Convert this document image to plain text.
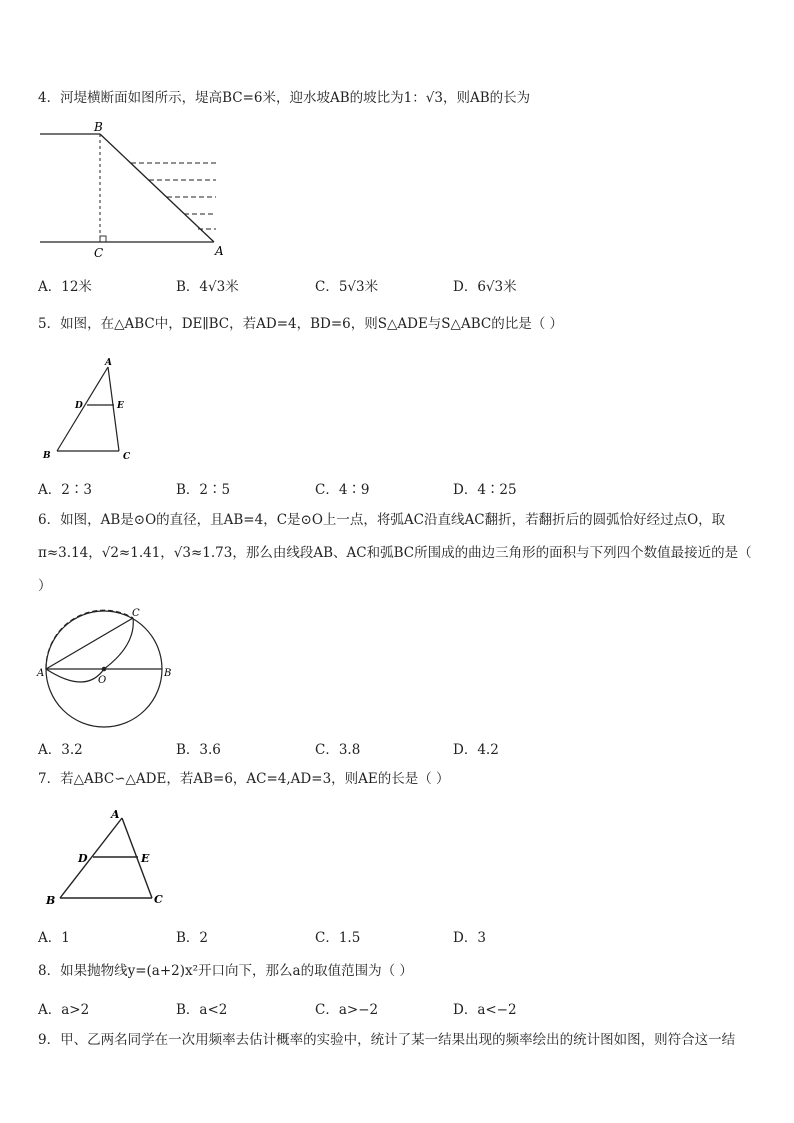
4．河堤横断面如图所示，堤高BC=6米，迎水坡AB的坡比为1：√3，则AB的长为
B
C	A
A．12米	B．4√3米	C．5√3米	D．6√3米
5．如图，在△ABC中，DE∥BC，若AD=4，BD=6，则S△ADE与S△ABC的比是（ ）
A
D	E
B	C
A．2∶3	B．2∶5	C．4∶9	D．4∶25
6．如图，AB是⊙O的直径，且AB=4，C是⊙O上一点，将弧AC沿直线AC翻折，若翻折后的圆弧恰好经过点O，取π≈3.14，√2≈1.41，√3≈1.73，那么由线段AB、AC和弧BC所围成的曲边三角形的面积与下列四个数值最接近的是（ ）
A
O
B
C
A．3.2	B．3.6	C．3.8	D．4.2
7．若△ABC∽△ADE，若AB=6，AC=4,AD=3，则AE的长是（ ）
A
D	E
B	C
A．1	B．2	C．1.5	D．3
8．如果抛物线y=(a+2)x²开口向下，那么a的取值范围为（ ）
A．a>2	B．a<2	C．a>−2	D．a<−2
9．甲、乙两名同学在一次用频率去估计概率的实验中，统计了某一结果出现的频率绘出的统计图如图，则符合这一结
